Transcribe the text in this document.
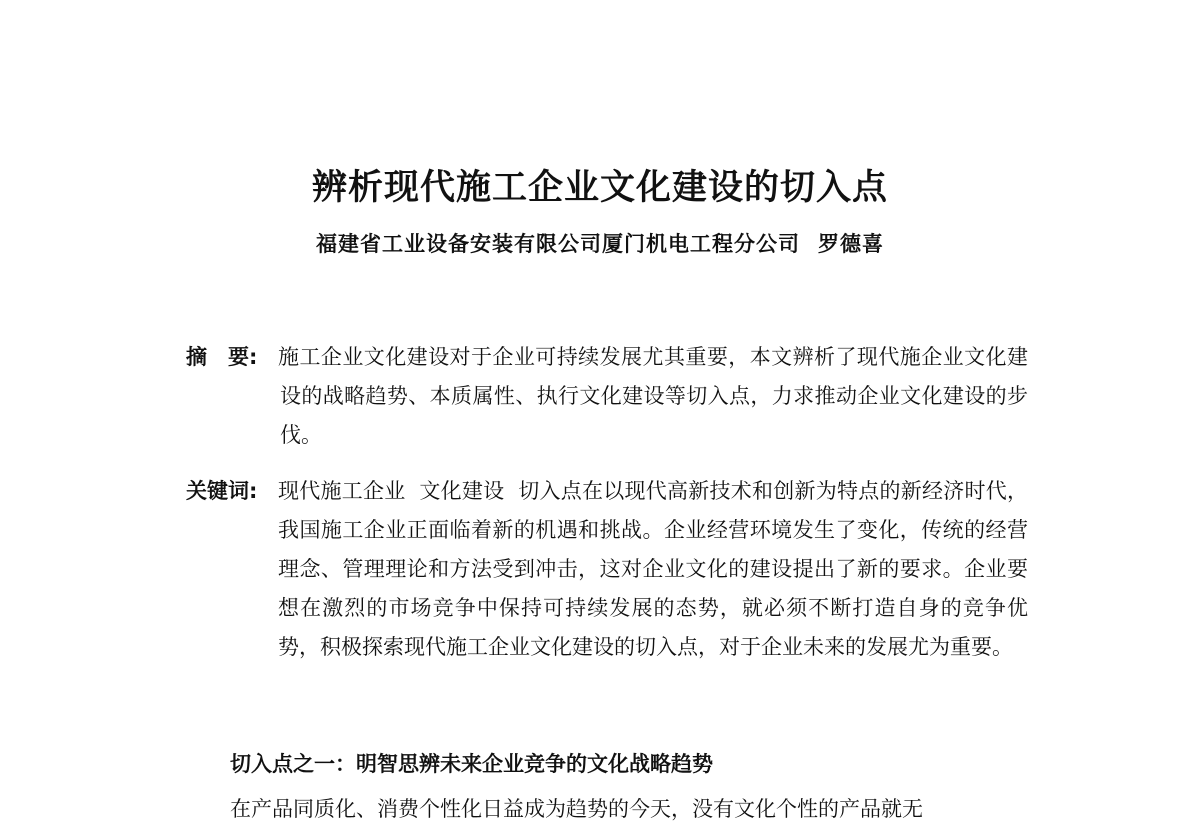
辨析现代施工企业文化建设的切入点
福建省工业设备安装有限公司厦门机电工程分公司 罗德喜
摘　要: 施工企业文化建设对于企业可持续发展尤其重要，本文辨析了现代施企业文化建设的战略趋势、本质属性、执行文化建设等切入点，力求推动企业文化建设的步伐。
关键词: 现代施工企业  文化建设  切入点在以现代高新技术和创新为特点的新经济时代，我国施工企业正面临着新的机遇和挑战。企业经营环境发生了变化，传统的经营理念、管理理论和方法受到冲击，这对企业文化的建设提出了新的要求。企业要想在激烈的市场竞争中保持可持续发展的态势，就必须不断打造自身的竞争优势，积极探索现代施工企业文化建设的切入点，对于企业未来的发展尤为重要。
切入点之一：明智思辨未来企业竞争的文化战略趋势
在产品同质化、消费个性化日益成为趋势的今天，没有文化个性的产品就无
